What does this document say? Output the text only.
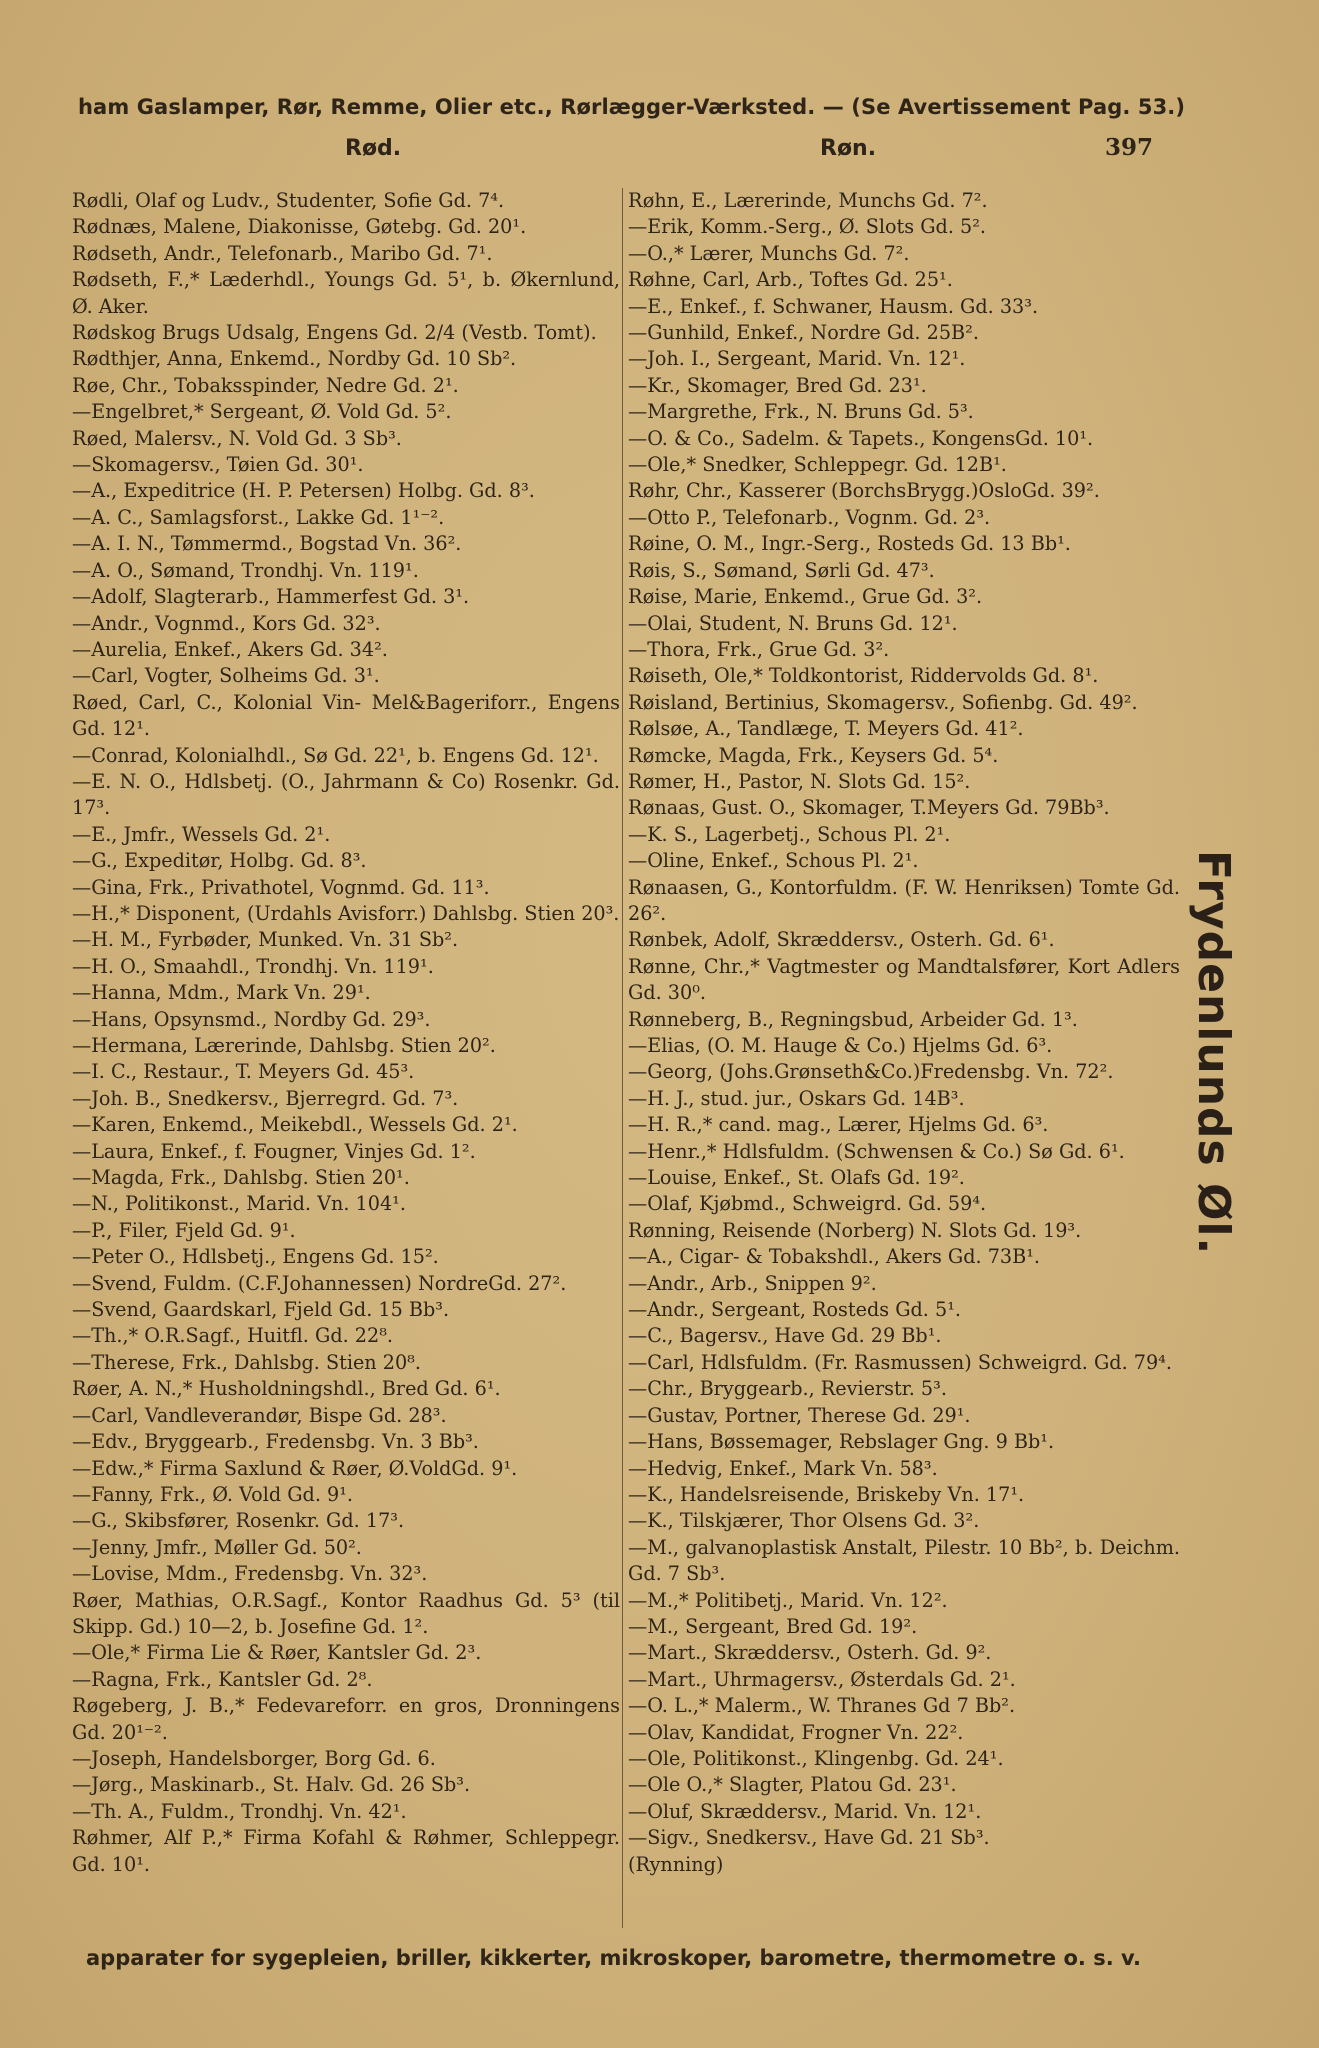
ham Gaslamper, Rør, Remme, Olier etc., Rørlægger-Værksted. — (Se Avertissement Pag. 53.)
Rød.	Røn.	397
Rødli, Olaf og Ludv., Studenter, Sofie Gd. 7⁴.
Rødnæs, Malene, Diakonisse, Gøtebg. Gd. 20¹.
Rødseth, Andr., Telefonarb., Maribo Gd. 7¹.
Rødseth, F.,* Læderhdl., Youngs Gd. 5¹, b. Økernlund, Ø. Aker.
Rødskog Brugs Udsalg, Engens Gd. 2/4 (Vestb. Tomt).
Rødthjer, Anna, Enkemd., Nordby Gd. 10 Sb².
Røe, Chr., Tobaksspinder, Nedre Gd. 2¹.
—Engelbret,* Sergeant, Ø. Vold Gd. 5².
Røed, Malersv., N. Vold Gd. 3 Sb³.
—Skomagersv., Tøien Gd. 30¹.
—A., Expeditrice (H. P. Petersen) Holbg. Gd. 8³.
—A. C., Samlagsforst., Lakke Gd. 1¹⁻².
—A. I. N., Tømmermd., Bogstad Vn. 36².
—A. O., Sømand, Trondhj. Vn. 119¹.
—Adolf, Slagterarb., Hammerfest Gd. 3¹.
—Andr., Vognmd., Kors Gd. 32³.
—Aurelia, Enkef., Akers Gd. 34².
—Carl, Vogter, Solheims Gd. 3¹.
Røed, Carl, C., Kolonial Vin- Mel&Bageriforr., Engens Gd. 12¹.
—Conrad, Kolonialhdl., Sø Gd. 22¹, b. Engens Gd. 12¹.
—E. N. O., Hdlsbetj. (O., Jahrmann & Co) Rosenkr. Gd. 17³.
—E., Jmfr., Wessels Gd. 2¹.
—G., Expeditør, Holbg. Gd. 8³.
—Gina, Frk., Privathotel, Vognmd. Gd. 11³.
—H.,* Disponent, (Urdahls Avisforr.) Dahlsbg. Stien 20³.
—H. M., Fyrbøder, Munked. Vn. 31 Sb².
—H. O., Smaahdl., Trondhj. Vn. 119¹.
—Hanna, Mdm., Mark Vn. 29¹.
—Hans, Opsynsmd., Nordby Gd. 29³.
—Hermana, Lærerinde, Dahlsbg. Stien 20².
—I. C., Restaur., T. Meyers Gd. 45³.
—Joh. B., Snedkersv., Bjerregrd. Gd. 7³.
—Karen, Enkemd., Meikebdl., Wessels Gd. 2¹.
—Laura, Enkef., f. Fougner, Vinjes Gd. 1².
—Magda, Frk., Dahlsbg. Stien 20¹.
—N., Politikonst., Marid. Vn. 104¹.
—P., Filer, Fjeld Gd. 9¹.
—Peter O., Hdlsbetj., Engens Gd. 15².
—Svend, Fuldm. (C.F.Johannessen) NordreGd. 27².
—Svend, Gaardskarl, Fjeld Gd. 15 Bb³.
—Th.,* O.R.Sagf., Huitfl. Gd. 22⁸.
—Therese, Frk., Dahlsbg. Stien 20⁸.
Røer, A. N.,* Husholdningshdl., Bred Gd. 6¹.
—Carl, Vandleverandør, Bispe Gd. 28³.
—Edv., Bryggearb., Fredensbg. Vn. 3 Bb³.
—Edw.,* Firma Saxlund & Røer, Ø.VoldGd. 9¹.
—Fanny, Frk., Ø. Vold Gd. 9¹.
—G., Skibsfører, Rosenkr. Gd. 17³.
—Jenny, Jmfr., Møller Gd. 50².
—Lovise, Mdm., Fredensbg. Vn. 32³.
Røer, Mathias, O.R.Sagf., Kontor Raadhus Gd. 5³ (til Skipp. Gd.) 10—2, b. Josefine Gd. 1².
—Ole,* Firma Lie & Røer, Kantsler Gd. 2³.
—Ragna, Frk., Kantsler Gd. 2⁸.
Røgeberg, J. B.,* Fedevareforr. en gros, Dronningens Gd. 20¹⁻².
—Joseph, Handelsborger, Borg Gd. 6.
—Jørg., Maskinarb., St. Halv. Gd. 26 Sb³.
—Th. A., Fuldm., Trondhj. Vn. 42¹.
Røhmer, Alf P.,* Firma Kofahl & Røhmer, Schleppegr. Gd. 10¹.
Røhn, E., Lærerinde, Munchs Gd. 7².
—Erik, Komm.-Serg., Ø. Slots Gd. 5².
—O.,* Lærer, Munchs Gd. 7².
Røhne, Carl, Arb., Toftes Gd. 25¹.
—E., Enkef., f. Schwaner, Hausm. Gd. 33³.
—Gunhild, Enkef., Nordre Gd. 25B².
—Joh. I., Sergeant, Marid. Vn. 12¹.
—Kr., Skomager, Bred Gd. 23¹.
—Margrethe, Frk., N. Bruns Gd. 5³.
—O. & Co., Sadelm. & Tapets., KongensGd. 10¹.
—Ole,* Snedker, Schleppegr. Gd. 12B¹.
Røhr, Chr., Kasserer (BorchsBrygg.)OsloGd. 39².
—Otto P., Telefonarb., Vognm. Gd. 2³.
Røine, O. M., Ingr.-Serg., Rosteds Gd. 13 Bb¹.
Røis, S., Sømand, Sørli Gd. 47³.
Røise, Marie, Enkemd., Grue Gd. 3².
—Olai, Student, N. Bruns Gd. 12¹.
—Thora, Frk., Grue Gd. 3².
Røiseth, Ole,* Toldkontorist, Riddervolds Gd. 8¹.
Røisland, Bertinius, Skomagersv., Sofienbg. Gd. 49².
Rølsøe, A., Tandlæge, T. Meyers Gd. 41².
Rømcke, Magda, Frk., Keysers Gd. 5⁴.
Rømer, H., Pastor, N. Slots Gd. 15².
Rønaas, Gust. O., Skomager, T.Meyers Gd. 79Bb³.
—K. S., Lagerbetj., Schous Pl. 2¹.
—Oline, Enkef., Schous Pl. 2¹.
Rønaasen, G., Kontorfuldm. (F. W. Henriksen) Tomte Gd. 26².
Rønbek, Adolf, Skræddersv., Osterh. Gd. 6¹.
Rønne, Chr.,* Vagtmester og Mandtalsfører, Kort Adlers Gd. 30⁰.
Rønneberg, B., Regningsbud, Arbeider Gd. 1³.
—Elias, (O. M. Hauge & Co.) Hjelms Gd. 6³.
—Georg, (Johs.Grønseth&Co.)Fredensbg. Vn. 72².
—H. J., stud. jur., Oskars Gd. 14B³.
—H. R.,* cand. mag., Lærer, Hjelms Gd. 6³.
—Henr.,* Hdlsfuldm. (Schwensen & Co.) Sø Gd. 6¹.
—Louise, Enkef., St. Olafs Gd. 19².
—Olaf, Kjøbmd., Schweigrd. Gd. 59⁴.
Rønning, Reisende (Norberg) N. Slots Gd. 19³.
—A., Cigar- & Tobakshdl., Akers Gd. 73B¹.
—Andr., Arb., Snippen 9².
—Andr., Sergeant, Rosteds Gd. 5¹.
—C., Bagersv., Have Gd. 29 Bb¹.
—Carl, Hdlsfuldm. (Fr. Rasmussen) Schweigrd. Gd. 79⁴.
—Chr., Bryggearb., Revierstr. 5³.
—Gustav, Portner, Therese Gd. 29¹.
—Hans, Bøssemager, Rebslager Gng. 9 Bb¹.
—Hedvig, Enkef., Mark Vn. 58³.
—K., Handelsreisende, Briskeby Vn. 17¹.
—K., Tilskjærer, Thor Olsens Gd. 3².
—M., galvanoplastisk Anstalt, Pilestr. 10 Bb², b. Deichm. Gd. 7 Sb³.
—M.,* Politibetj., Marid. Vn. 12².
—M., Sergeant, Bred Gd. 19².
—Mart., Skræddersv., Osterh. Gd. 9².
—Mart., Uhrmagersv., Østerdals Gd. 2¹.
—O. L.,* Malerm., W. Thranes Gd 7 Bb².
—Olav, Kandidat, Frogner Vn. 22².
—Ole, Politikonst., Klingenbg. Gd. 24¹.
—Ole O.,* Slagter, Platou Gd. 23¹.
—Oluf, Skræddersv., Marid. Vn. 12¹.
—Sigv., Snedkersv., Have Gd. 21 Sb³.
(Rynning)
Frydenlunds Øl.
apparater for sygepleien, briller, kikkerter, mikroskoper, barometre, thermometre o. s. v.
